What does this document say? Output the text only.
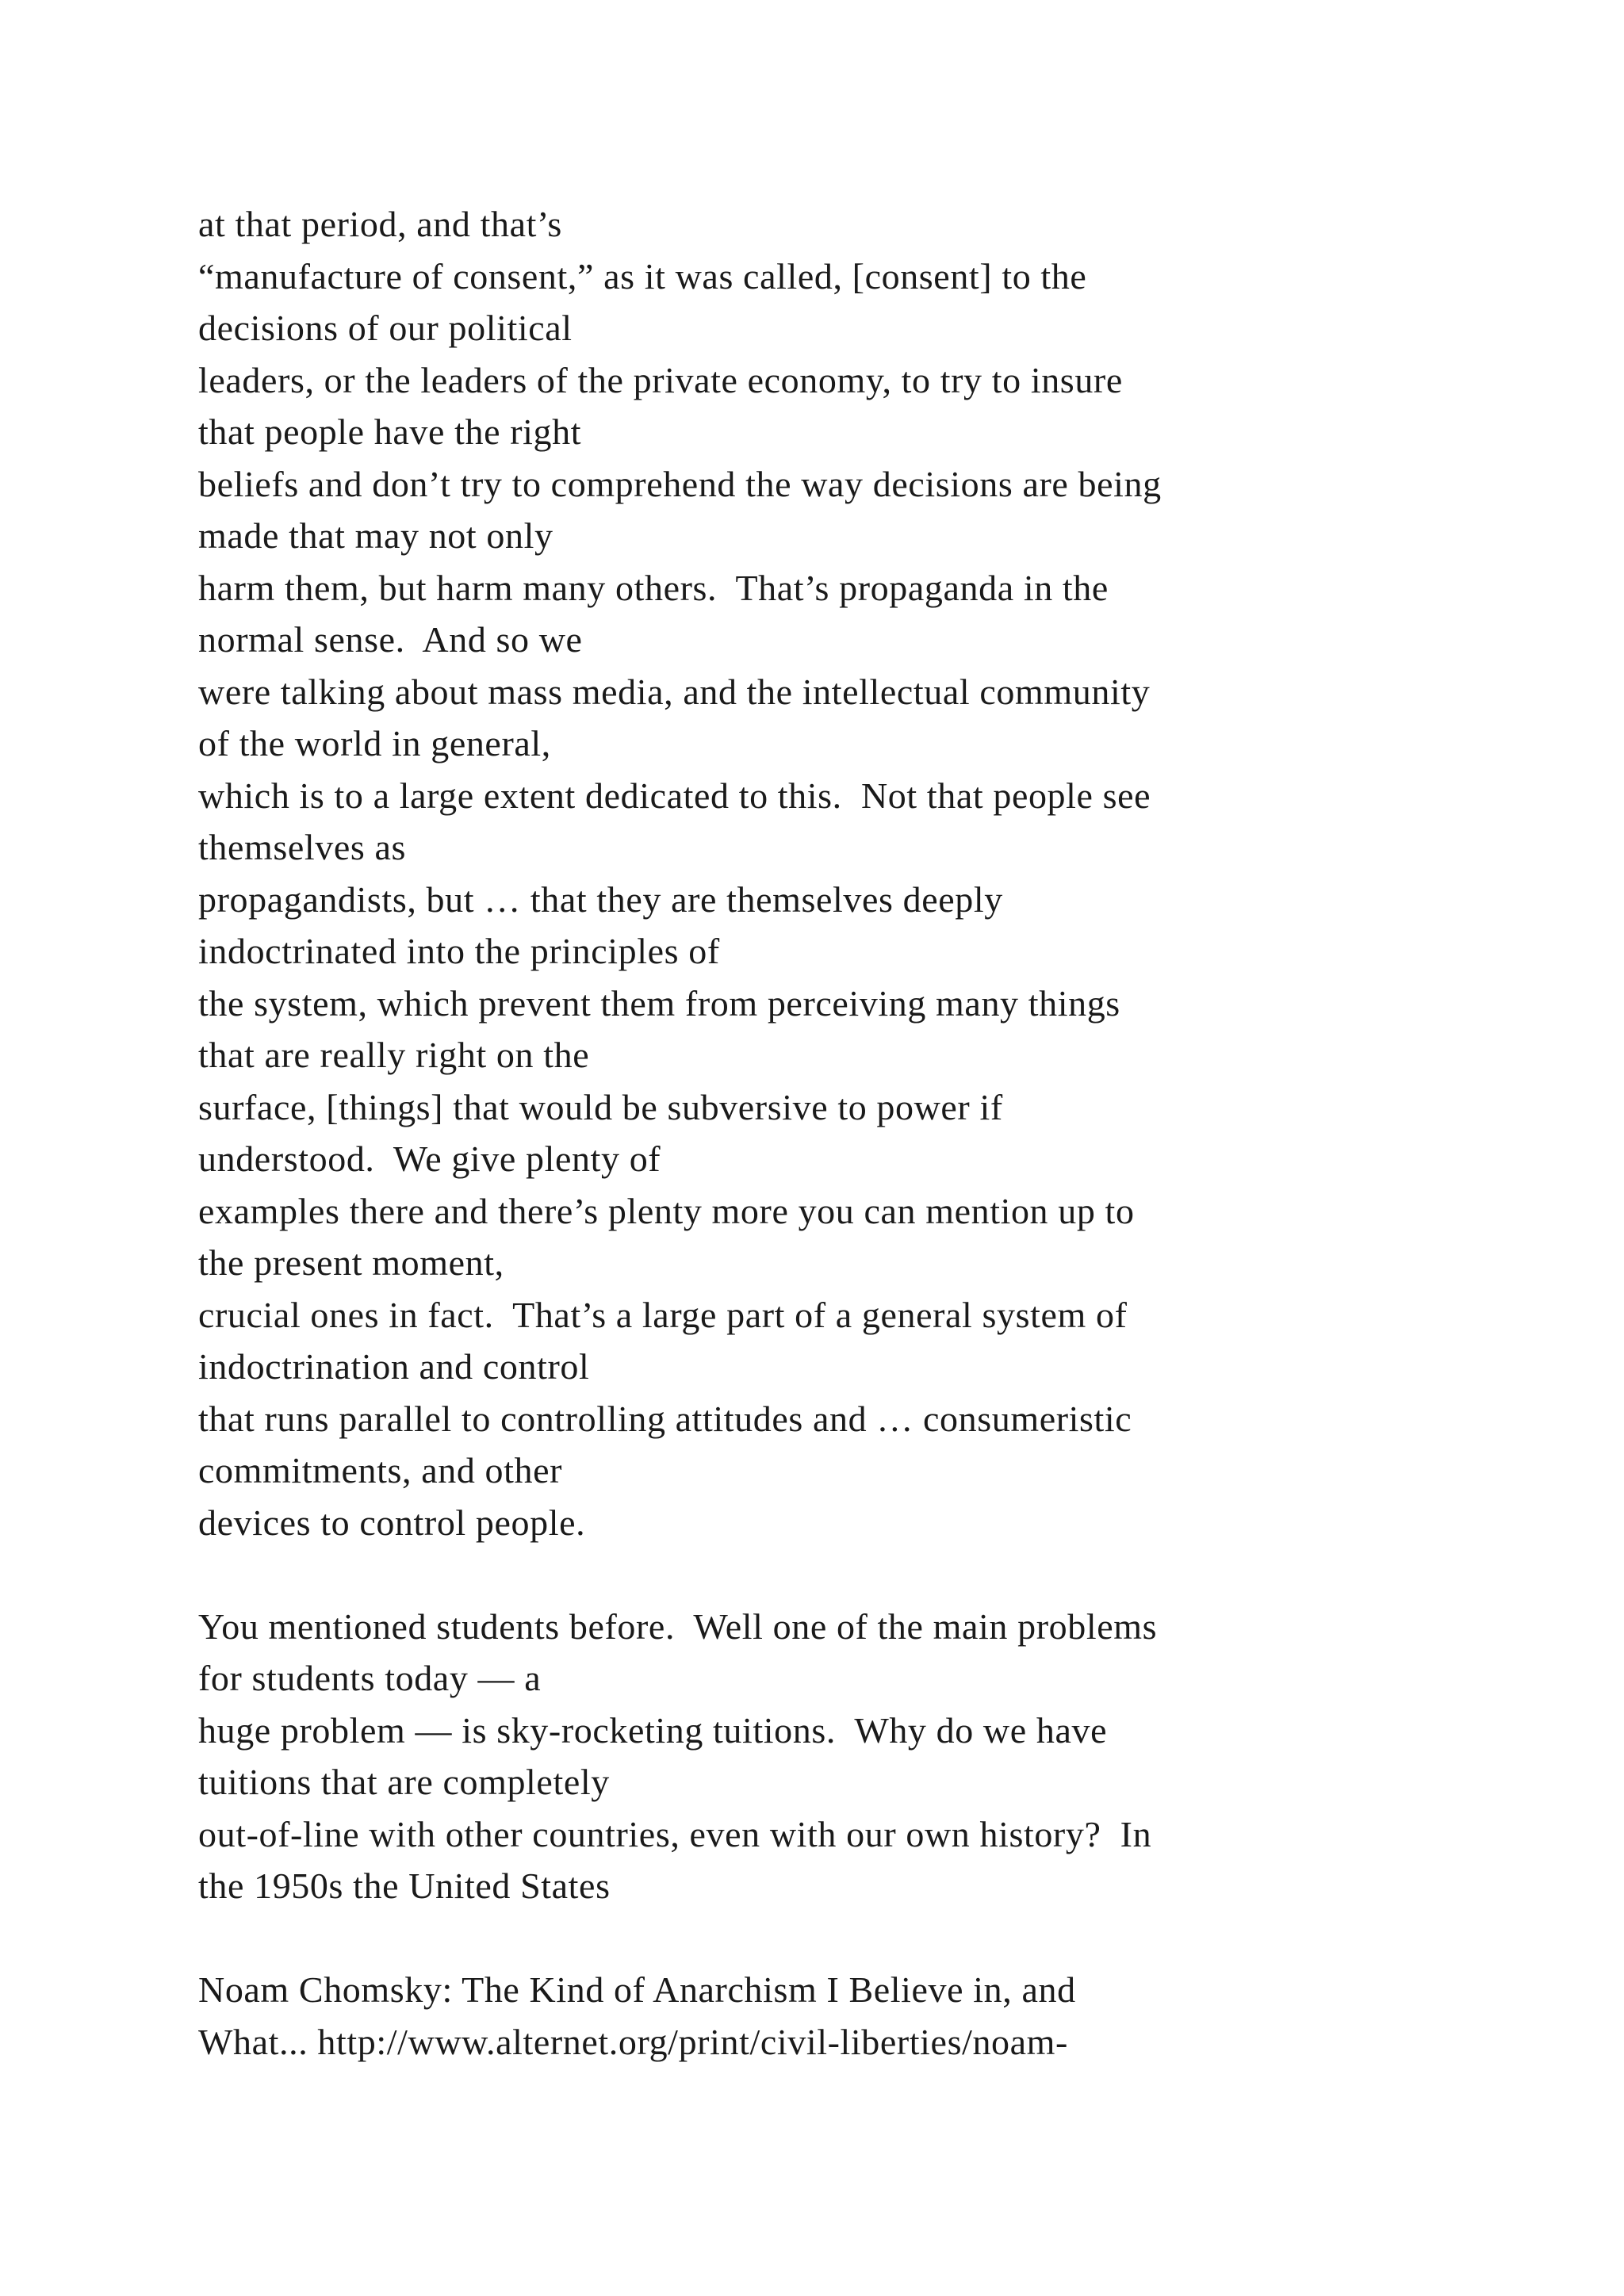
at that period, and that’s
“manufacture of consent,” as it was called, [consent] to the
decisions of our political
leaders, or the leaders of the private economy, to try to insure
that people have the right
beliefs and don’t try to comprehend the way decisions are being
made that may not only
harm them, but harm many others.  That’s propaganda in the
normal sense.  And so we
were talking about mass media, and the intellectual community
of the world in general,
which is to a large extent dedicated to this.  Not that people see
themselves as
propagandists, but … that they are themselves deeply
indoctrinated into the principles of
the system, which prevent them from perceiving many things
that are really right on the
surface, [things] that would be subversive to power if
understood.  We give plenty of
examples there and there’s plenty more you can mention up to
the present moment,
crucial ones in fact.  That’s a large part of a general system of
indoctrination and control
that runs parallel to controlling attitudes and … consumeristic
commitments, and other
devices to control people.
You mentioned students before.  Well one of the main problems
for students today — a
huge problem — is sky-rocketing tuitions.  Why do we have
tuitions that are completely
out-of-line with other countries, even with our own history?  In
the 1950s the United States
Noam Chomsky: The Kind of Anarchism I Believe in, and
What... http://www.alternet.org/print/civil-liberties/noam-
